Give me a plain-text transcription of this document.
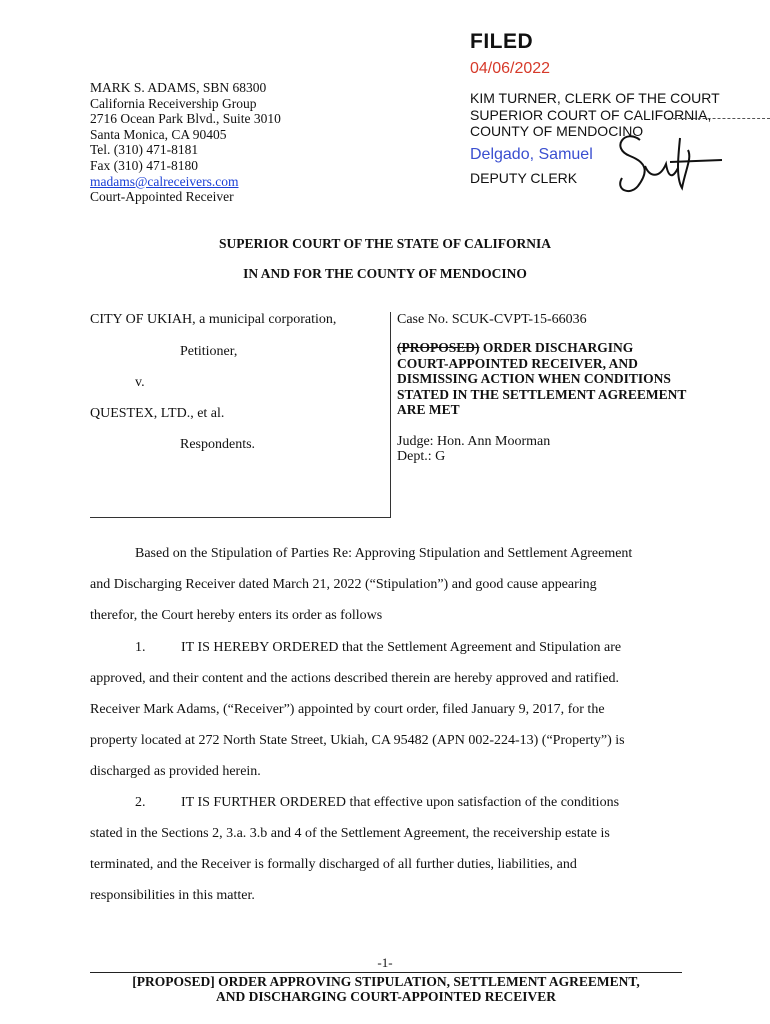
MARK S. ADAMS, SBN 68300
California Receivership Group
2716 Ocean Park Blvd., Suite 3010
Santa Monica, CA 90405
Tel. (310) 471-8181
Fax (310) 471-8180
madams@calreceivers.com
Court-Appointed Receiver
FILED
04/06/2022
KIM TURNER, CLERK OF THE COURT
SUPERIOR COURT OF CALIFORNIA,
COUNTY OF MENDOCINO
Delgado, Samuel
DEPUTY CLERK
SUPERIOR COURT OF THE STATE OF CALIFORNIA
IN AND FOR THE COUNTY OF MENDOCINO
CITY OF UKIAH, a municipal corporation,
Petitioner,
v.
QUESTEX, LTD., et al.
Respondents.
Case No. SCUK-CVPT-15-66036
(PROPOSED) ORDER DISCHARGING COURT-APPOINTED RECEIVER, AND DISMISSING ACTION WHEN CONDITIONS STATED IN THE SETTLEMENT AGREEMENT ARE MET
Judge: Hon. Ann Moorman
Dept.: G
Based on the Stipulation of Parties Re: Approving Stipulation and Settlement Agreement
and Discharging Receiver dated March 21, 2022 (“Stipulation”) and good cause appearing
therefor, the Court hereby enters its order as follows
1.	IT IS HEREBY ORDERED that the Settlement Agreement and Stipulation are
approved, and their content and the actions described therein are hereby approved and ratified.
Receiver Mark Adams, (“Receiver”) appointed by court order, filed January 9, 2017, for the
property located at 272 North State Street, Ukiah, CA 95482 (APN 002-224-13) (“Property”) is
discharged as provided herein.
2.	IT IS FURTHER ORDERED that effective upon satisfaction of the conditions
stated in the Sections 2, 3.a. 3.b and 4 of the Settlement Agreement, the receivership estate is
terminated, and the Receiver is formally discharged of all further duties, liabilities, and
responsibilities in this matter.
-1-
[PROPOSED] ORDER APPROVING STIPULATION, SETTLEMENT AGREEMENT,
AND DISCHARGING COURT-APPOINTED RECEIVER
